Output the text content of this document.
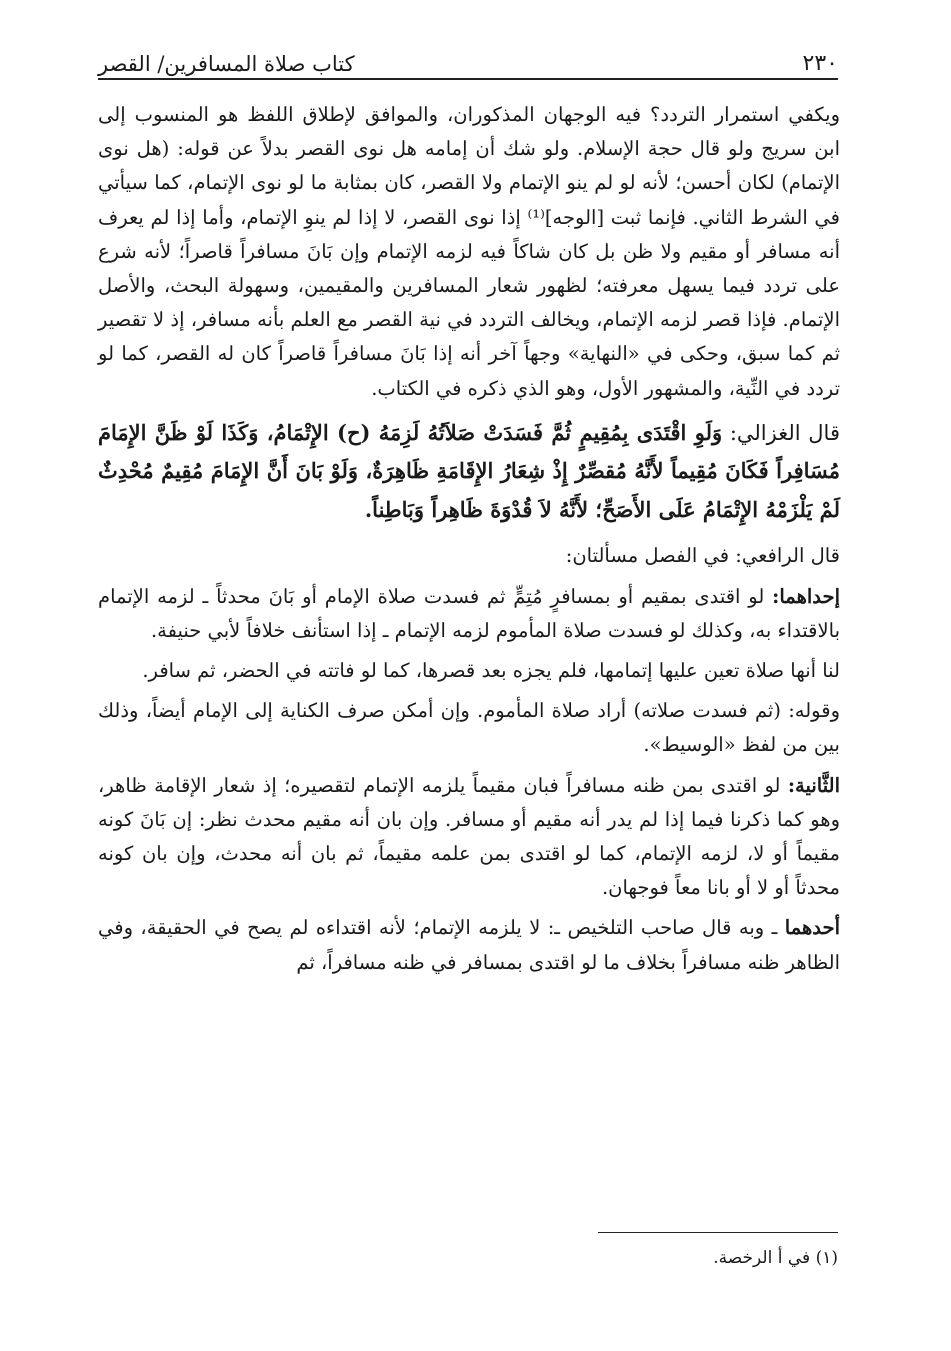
٢٣٠
كتاب صلاة المسافرين/ القصر

ويكفي استمرار التردد؟ فيه الوجهان المذكوران، والموافق لإطلاق اللفظ هو المنسوب إلى ابن سريج ولو قال حجة الإسلام. ولو شك أن إمامه هل نوى القصر بدلاً عن قوله: (هل نوى الإتمام) لكان أحسن؛ لأنه لو لم ينو الإتمام ولا القصر، كان بمثابة ما لو نوى الإتمام، كما سيأتي في الشرط الثاني. فإنما ثبت [الوجه]⁽¹⁾ إذا نوى القصر، لا إذا لم ينوِ الإتمام، وأما إذا لم يعرف أنه مسافر أو مقيم ولا ظن بل كان شاكاً فيه لزمه الإتمام وإن بَانَ مسافراً قاصراً؛ لأنه شرع على تردد فيما يسهل معرفته؛ لظهور شعار المسافرين والمقيمين، وسهولة البحث، والأصل الإتمام. فإذا قصر لزمه الإتمام، ويخالف التردد في نية القصر مع العلم بأنه مسافر، إذ لا تقصير ثم كما سبق، وحكى في «النهاية» وجهاً آخر أنه إذا بَانَ مسافراً قاصراً كان له القصر، كما لو تردد في النِّية، والمشهور الأول، وهو الذي ذكره في الكتاب.

قال الغزالي: وَلَوِ اقْتَدَى بِمُقِيمٍ ثُمَّ فَسَدَتْ صَلاَتُهُ لَزِمَهُ (ح) الإِتْمَامُ، وَكَذَا لَوْ ظَنَّ الإِمَامَ مُسَافِراً فَكَانَ مُقِيماً لأَنَّهُ مُقصِّرٌ إِذْ شِعَارُ الإِقَامَةِ ظَاهِرَةٌ، وَلَوْ بَانَ أَنَّ الإِمَامَ مُقِيمٌ مُحْدِثٌ لَمْ يَلْزَمْهُ الإِتْمَامُ عَلَى الأَصَحِّ؛ لأَنَّهُ لاَ قُدْوَةَ ظَاهِراً وَبَاطِناً.

قال الرافعي: في الفصل مسألتان:

إحداهما: لو اقتدى بمقيم أو بمسافرٍ مُتِمٍّ ثم فسدت صلاة الإمام أو بَانَ محدثاً ـ لزمه الإتمام بالاقتداء به، وكذلك لو فسدت صلاة المأموم لزمه الإتمام ـ إذا استأنف خلافاً لأبي حنيفة.

لنا أنها صلاة تعين عليها إتمامها، فلم يجزه بعد قصرها، كما لو فاتته في الحضر، ثم سافر.

وقوله: (ثم فسدت صلاته) أراد صلاة المأموم. وإن أمكن صرف الكناية إلى الإمام أيضاً، وذلك بين من لفظ «الوسيط».

الثَّانية: لو اقتدى بمن ظنه مسافراً فبان مقيماً يلزمه الإتمام لتقصيره؛ إذ شعار الإقامة ظاهر، وهو كما ذكرنا فيما إذا لم يدر أنه مقيم أو مسافر. وإن بان أنه مقيم محدث نظر: إن بَانَ كونه مقيماً أو لا، لزمه الإتمام، كما لو اقتدى بمن علمه مقيماً، ثم بان أنه محدث، وإن بان كونه محدثاً أو لا أو بانا معاً فوجهان.

أحدهما ـ وبه قال صاحب التلخيص ـ: لا يلزمه الإتمام؛ لأنه اقتداءه لم يصح في الحقيقة، وفي الظاهر ظنه مسافراً بخلاف ما لو اقتدى بمسافر في ظنه مسافراً، ثم

(١) في أ الرخصة.
